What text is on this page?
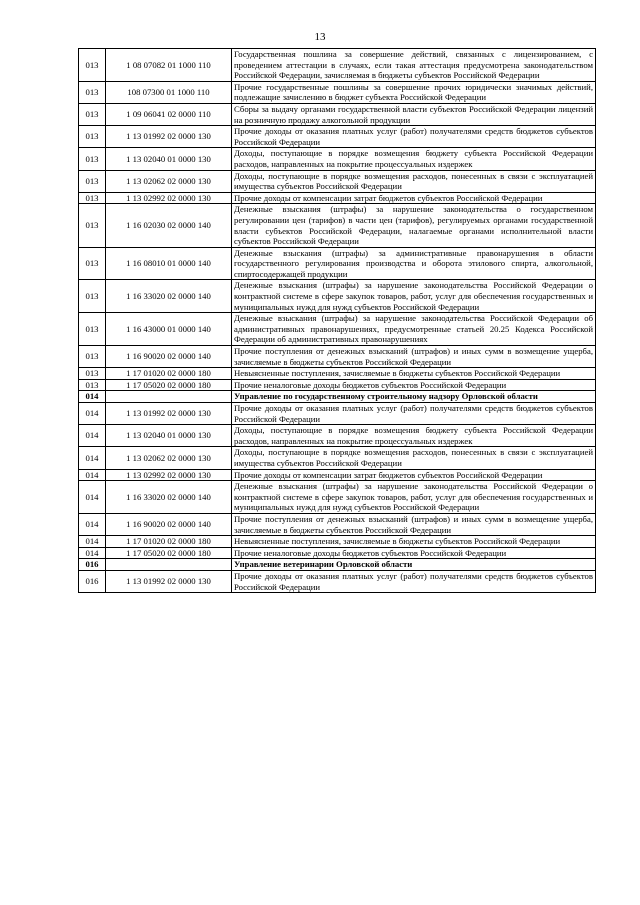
13
013	1 08 07082 01 1000 110	Государственная пошлина за совершение действий, связанных с лицензированием, с проведением аттестации в случаях, если такая аттестация предусмотрена законодательством Российской Федерации, зачисляемая в бюджеты субъектов Российской Федерации
013	108 07300 01 1000 110	Прочие государственные пошлины за совершение прочих юридически значимых действий, подлежащие зачислению в бюджет субъекта Российской Федерации
013	1 09 06041 02 0000 110	Сборы за выдачу органами государственной власти субъектов Российской Федерации лицензий на розничную продажу алкогольной продукции
013	1 13 01992 02 0000 130	Прочие доходы от оказания платных услуг (работ) получателями средств бюджетов субъектов Российской Федерации
013	1 13 02040 01 0000 130	Доходы, поступающие в порядке возмещения бюджету субъекта Российской Федерации расходов, направленных на покрытие процессуальных издержек
013	1 13 02062 02 0000 130	Доходы, поступающие в порядке возмещения расходов, понесенных в связи с эксплуатацией имущества субъектов Российской Федерации
013	1 13 02992 02 0000 130	Прочие доходы от компенсации затрат бюджетов субъектов Российской Федерации
013	1 16 02030 02 0000 140	Денежные взыскания (штрафы) за нарушение законодательства о государственном регулировании цен (тарифов) в части цен (тарифов), регулируемых органами государственной власти субъектов Российской Федерации, налагаемые органами исполнительной власти субъектов Российской Федерации
013	1 16 08010 01 0000 140	Денежные взыскания (штрафы) за административные правонарушения в области государственного регулирования производства и оборота этилового спирта, алкогольной, спиртосодержащей продукции
013	1 16 33020 02 0000 140	Денежные взыскания (штрафы) за нарушение законодательства Российской Федерации о контрактной системе в сфере закупок товаров, работ, услуг для обеспечения государственных и муниципальных нужд для нужд субъектов Российской Федерации
013	1 16 43000 01 0000 140	Денежные взыскания (штрафы) за нарушение законодательства Российской Федерации об административных правонарушениях, предусмотренные статьей 20.25 Кодекса Российской Федерации об административных правонарушениях
013	1 16 90020 02 0000 140	Прочие поступления от денежных взысканий (штрафов) и иных сумм в возмещение ущерба, зачисляемые в бюджеты субъектов Российской Федерации
013	1 17 01020 02 0000 180	Невыясненные поступления, зачисляемые в бюджеты субъектов Российской Федерации
013	1 17 05020 02 0000 180	Прочие неналоговые доходы бюджетов субъектов Российской Федерации
014		Управление по государственному строительному надзору Орловской области
014	1 13 01992 02 0000 130	Прочие доходы от оказания платных услуг (работ) получателями средств бюджетов субъектов Российской Федерации
014	1 13 02040 01 0000 130	Доходы, поступающие в порядке возмещения бюджету субъекта Российской Федерации расходов, направленных на покрытие процессуальных издержек
014	1 13 02062 02 0000 130	Доходы, поступающие в порядке возмещения расходов, понесенных в связи с эксплуатацией имущества субъектов Российской Федерации
014	1 13 02992 02 0000 130	Прочие доходы от компенсации затрат бюджетов субъектов Российской Федерации
014	1 16 33020 02 0000 140	Денежные взыскания (штрафы) за нарушение законодательства Российской Федерации о контрактной системе в сфере закупок товаров, работ, услуг для обеспечения государственных и муниципальных нужд для нужд субъектов Российской Федерации
014	1 16 90020 02 0000 140	Прочие поступления от денежных взысканий (штрафов) и иных сумм в возмещение ущерба, зачисляемые в бюджеты субъектов Российской Федерации
014	1 17 01020 02 0000 180	Невыясненные поступления, зачисляемые в бюджеты субъектов Российской Федерации
014	1 17 05020 02 0000 180	Прочие неналоговые доходы бюджетов субъектов Российской Федерации
016		Управление ветеринарии Орловской области
016	1 13 01992 02 0000 130	Прочие доходы от оказания платных услуг (работ) получателями средств бюджетов субъектов Российской Федерации
